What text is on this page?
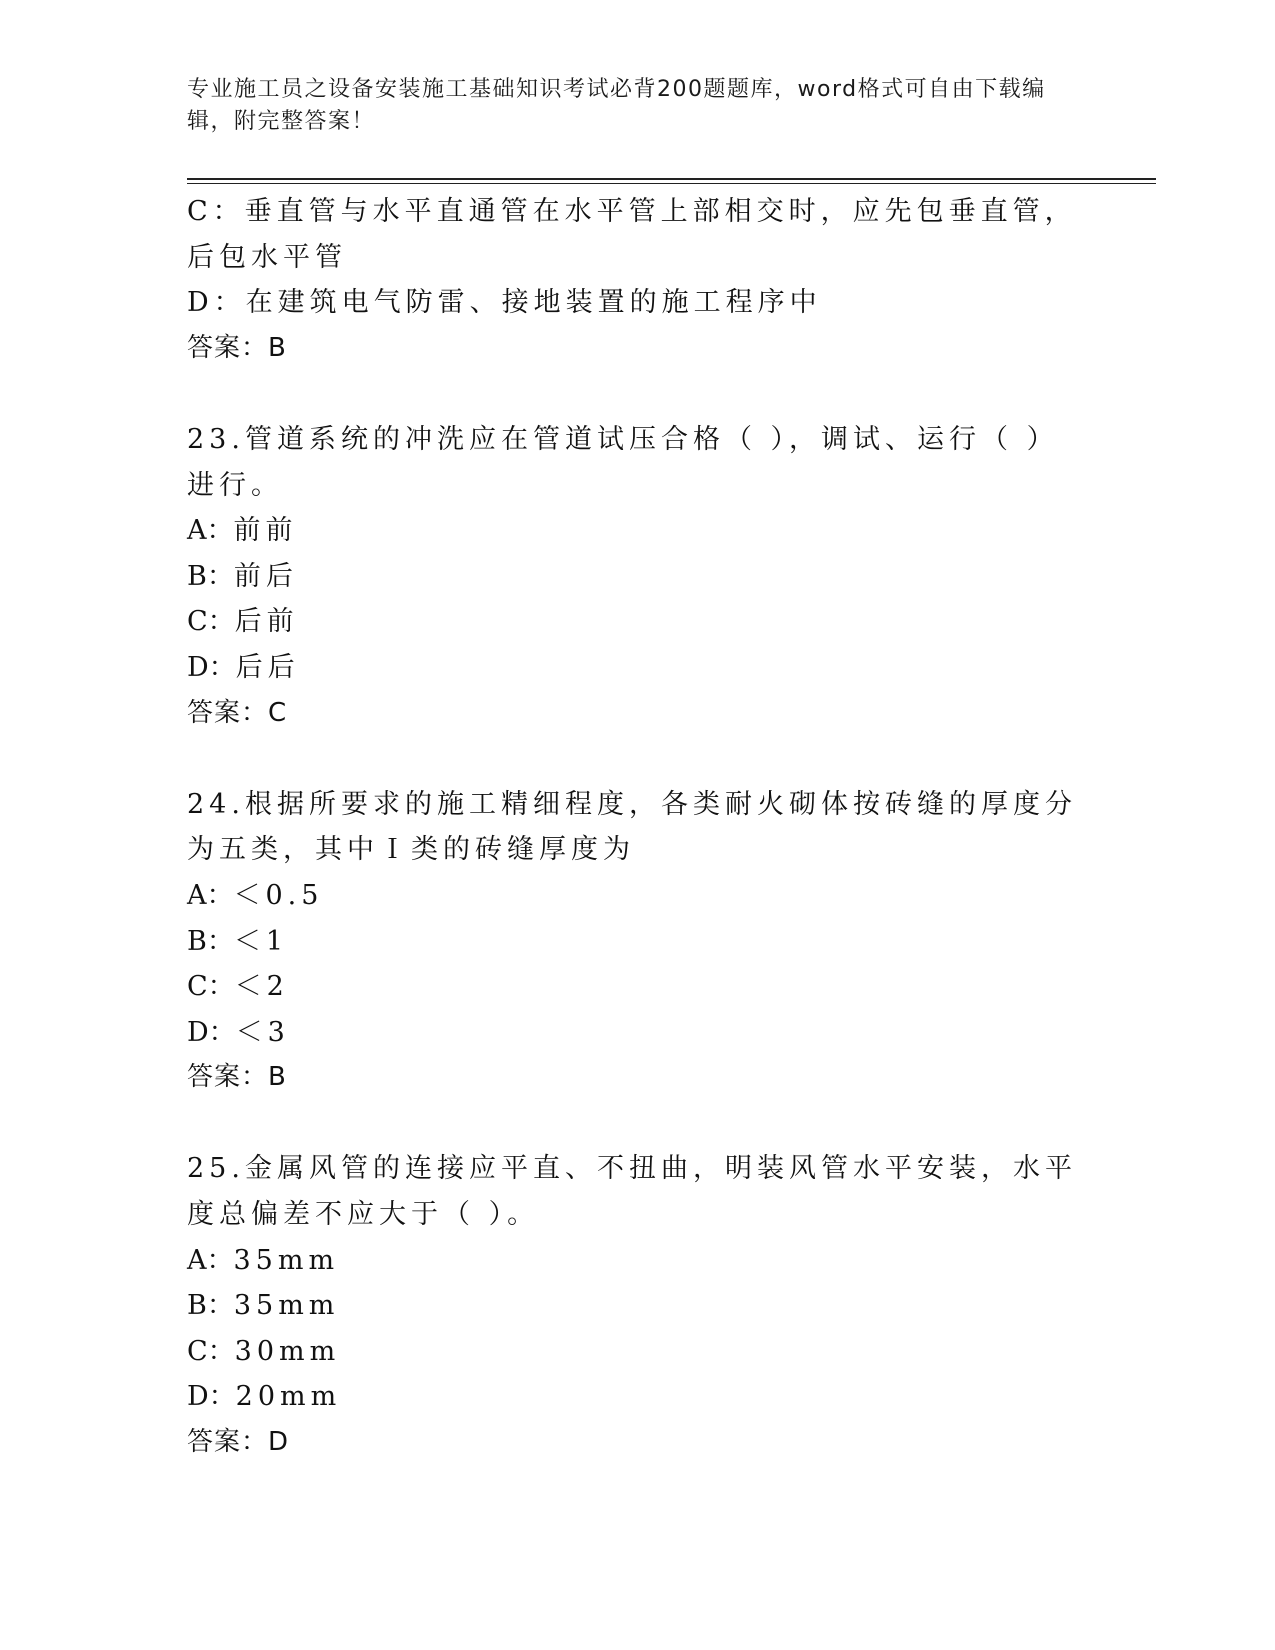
专业施工员之设备安装施工基础知识考试必背200题题库，word格式可自由下载编辑，附完整答案！
C：垂直管与水平直通管在水平管上部相交时，应先包垂直管，后包水平管
D：在建筑电气防雷、接地装置的施工程序中
答案：B
23.管道系统的冲洗应在管道试压合格（ ），调试、运行（ ）进行。
A：前前
B：前后
C：后前
D：后后
答案：C
24.根据所要求的施工精细程度，各类耐火砌体按砖缝的厚度分为五类，其中Ｉ类的砖缝厚度为
A：＜0.5
B：＜1
C：＜2
D：＜3
答案：B
25.金属风管的连接应平直、不扭曲，明装风管水平安装，水平度总偏差不应大于（ ）。
A：35mm
B：35mm
C：30mm
D：20mm
答案：D
